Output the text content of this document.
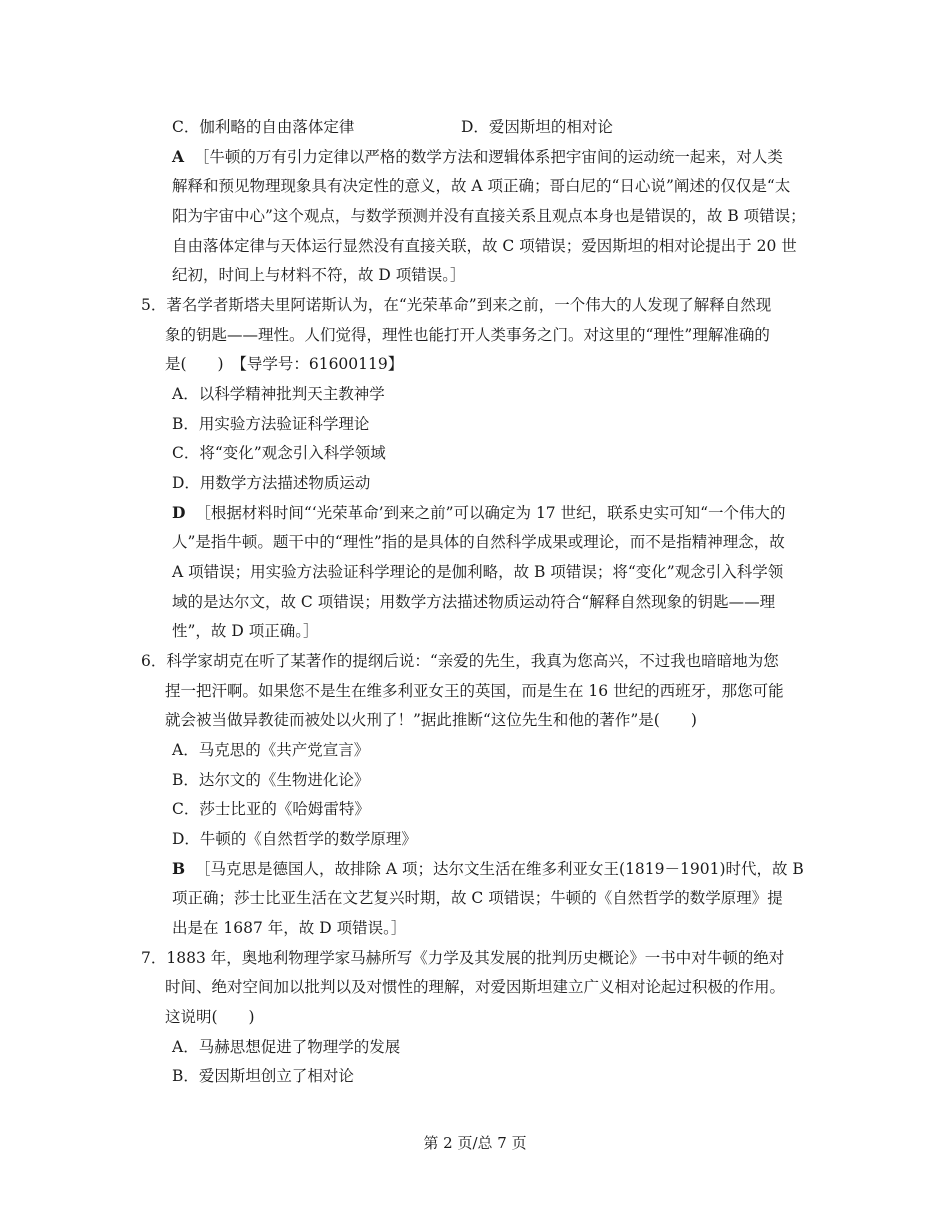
C．伽利略的自由落体定律	D．爱因斯坦的相对论
A ［牛顿的万有引力定律以严格的数学方法和逻辑体系把宇宙间的运动统一起来，对人类
解释和预见物理现象具有决定性的意义，故 A 项正确；哥白尼的“日心说”阐述的仅仅是“太
阳为宇宙中心”这个观点，与数学预测并没有直接关系且观点本身也是错误的，故 B 项错误；
自由落体定律与天体运行显然没有直接关联，故 C 项错误；爱因斯坦的相对论提出于 20 世
纪初，时间上与材料不符，故 D 项错误。］
5．著名学者斯塔夫里阿诺斯认为，在“光荣革命”到来之前，一个伟大的人发现了解释自然现
象的钥匙——理性。人们觉得，理性也能打开人类事务之门。对这里的“理性”理解准确的
是(　　)　【导学号：61600119】
A．以科学精神批判天主教神学
B．用实验方法验证科学理论
C．将“变化”观念引入科学领域
D．用数学方法描述物质运动
D ［根据材料时间“‘光荣革命’到来之前”可以确定为 17 世纪，联系史实可知“一个伟大的
人”是指牛顿。题干中的“理性”指的是具体的自然科学成果或理论，而不是指精神理念，故
A 项错误；用实验方法验证科学理论的是伽利略，故 B 项错误；将“变化”观念引入科学领
域的是达尔文，故 C 项错误；用数学方法描述物质运动符合“解释自然现象的钥匙——理
性”，故 D 项正确。］
6．科学家胡克在听了某著作的提纲后说：“亲爱的先生，我真为您高兴，不过我也暗暗地为您
捏一把汗啊。如果您不是生在维多利亚女王的英国，而是生在 16 世纪的西班牙，那您可能
就会被当做异教徒而被处以火刑了！”据此推断“这位先生和他的著作”是(　　)
A．马克思的《共产党宣言》
B．达尔文的《生物进化论》
C．莎士比亚的《哈姆雷特》
D．牛顿的《自然哲学的数学原理》
B ［马克思是德国人，故排除 A 项；达尔文生活在维多利亚女王(1819－1901)时代，故 B
项正确；莎士比亚生活在文艺复兴时期，故 C 项错误；牛顿的《自然哲学的数学原理》提
出是在 1687 年，故 D 项错误。］
7．1883 年，奥地利物理学家马赫所写《力学及其发展的批判历史概论》一书中对牛顿的绝对
时间、绝对空间加以批判以及对惯性的理解，对爱因斯坦建立广义相对论起过积极的作用。
这说明(　　)
A．马赫思想促进了物理学的发展
B．爱因斯坦创立了相对论
第 2 页/总 7 页
